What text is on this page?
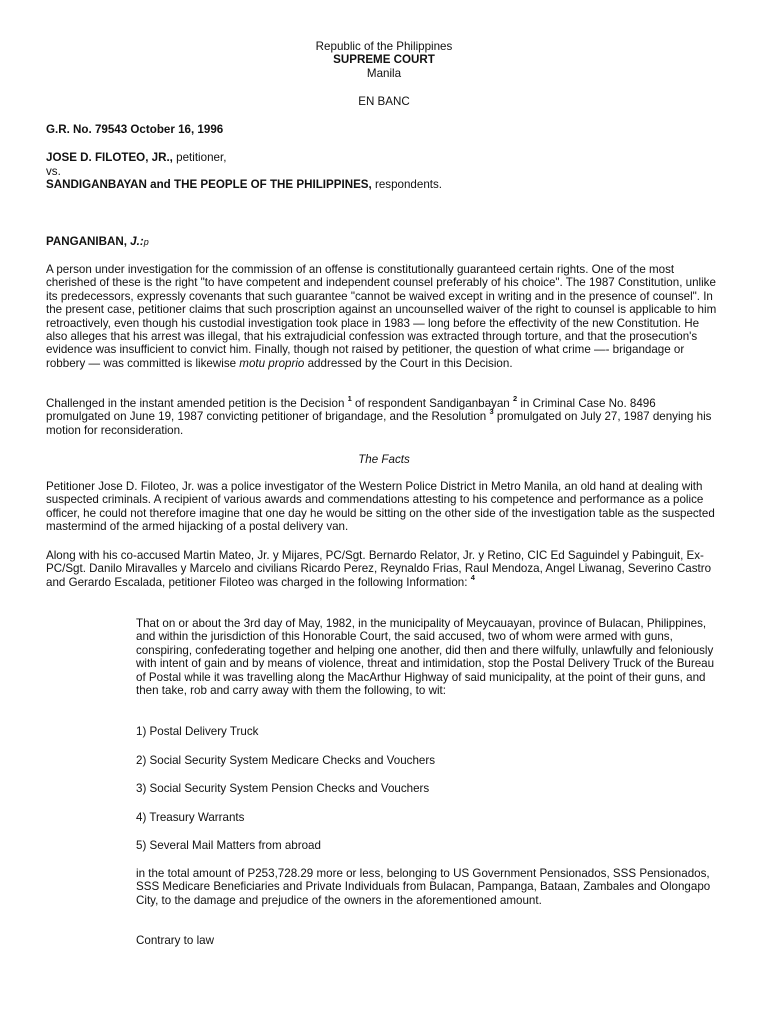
Republic of the Philippines
SUPREME COURT
Manila
EN BANC
G.R. No. 79543 October 16, 1996
JOSE D. FILOTEO, JR., petitioner,
vs.
SANDIGANBAYAN and THE PEOPLE OF THE PHILIPPINES, respondents.
PANGANIBAN, J.:p
A person under investigation for the commission of an offense is constitutionally guaranteed certain rights. One of the most cherished of these is the right "to have competent and independent counsel preferably of his choice". The 1987 Constitution, unlike its predecessors, expressly covenants that such guarantee "cannot be waived except in writing and in the presence of counsel". In the present case, petitioner claims that such proscription against an uncounselled waiver of the right to counsel is applicable to him retroactively, even though his custodial investigation took place in 1983 — long before the effectivity of the new Constitution. He also alleges that his arrest was illegal, that his extrajudicial confession was extracted through torture, and that the prosecution's evidence was insufficient to convict him. Finally, though not raised by petitioner, the question of what crime —- brigandage or robbery — was committed is likewise motu proprio addressed by the Court in this Decision.
Challenged in the instant amended petition is the Decision $^1$ of respondent Sandiganbayan $^2$ in Criminal Case No. 8496 promulgated on June 19, 1987 convicting petitioner of brigandage, and the Resolution $^3$ promulgated on July 27, 1987 denying his motion for reconsideration.
The Facts
Petitioner Jose D. Filoteo, Jr. was a police investigator of the Western Police District in Metro Manila, an old hand at dealing with suspected criminals. A recipient of various awards and commendations attesting to his competence and performance as a police officer, he could not therefore imagine that one day he would be sitting on the other side of the investigation table as the suspected mastermind of the armed hijacking of a postal delivery van.
Along with his co-accused Martin Mateo, Jr. y Mijares, PC/Sgt. Bernardo Relator, Jr. y Retino, CIC Ed Saguindel y Pabinguit, Ex-PC/Sgt. Danilo Miravalles y Marcelo and civilians Ricardo Perez, Reynaldo Frias, Raul Mendoza, Angel Liwanag, Severino Castro and Gerardo Escalada, petitioner Filoteo was charged in the following Information: $^4$
That on or about the 3rd day of May, 1982, in the municipality of Meycauayan, province of Bulacan, Philippines, and within the jurisdiction of this Honorable Court, the said accused, two of whom were armed with guns, conspiring, confederating together and helping one another, did then and there wilfully, unlawfully and feloniously with intent of gain and by means of violence, threat and intimidation, stop the Postal Delivery Truck of the Bureau of Postal while it was travelling along the MacArthur Highway of said municipality, at the point of their guns, and then take, rob and carry away with them the following, to wit:
1) Postal Delivery Truck
2) Social Security System Medicare Checks and Vouchers
3) Social Security System Pension Checks and Vouchers
4) Treasury Warrants
5) Several Mail Matters from abroad
in the total amount of P253,728.29 more or less, belonging to US Government Pensionados, SSS Pensionados, SSS Medicare Beneficiaries and Private Individuals from Bulacan, Pampanga, Bataan, Zambales and Olongapo City, to the damage and prejudice of the owners in the aforementioned amount.
Contrary to law
